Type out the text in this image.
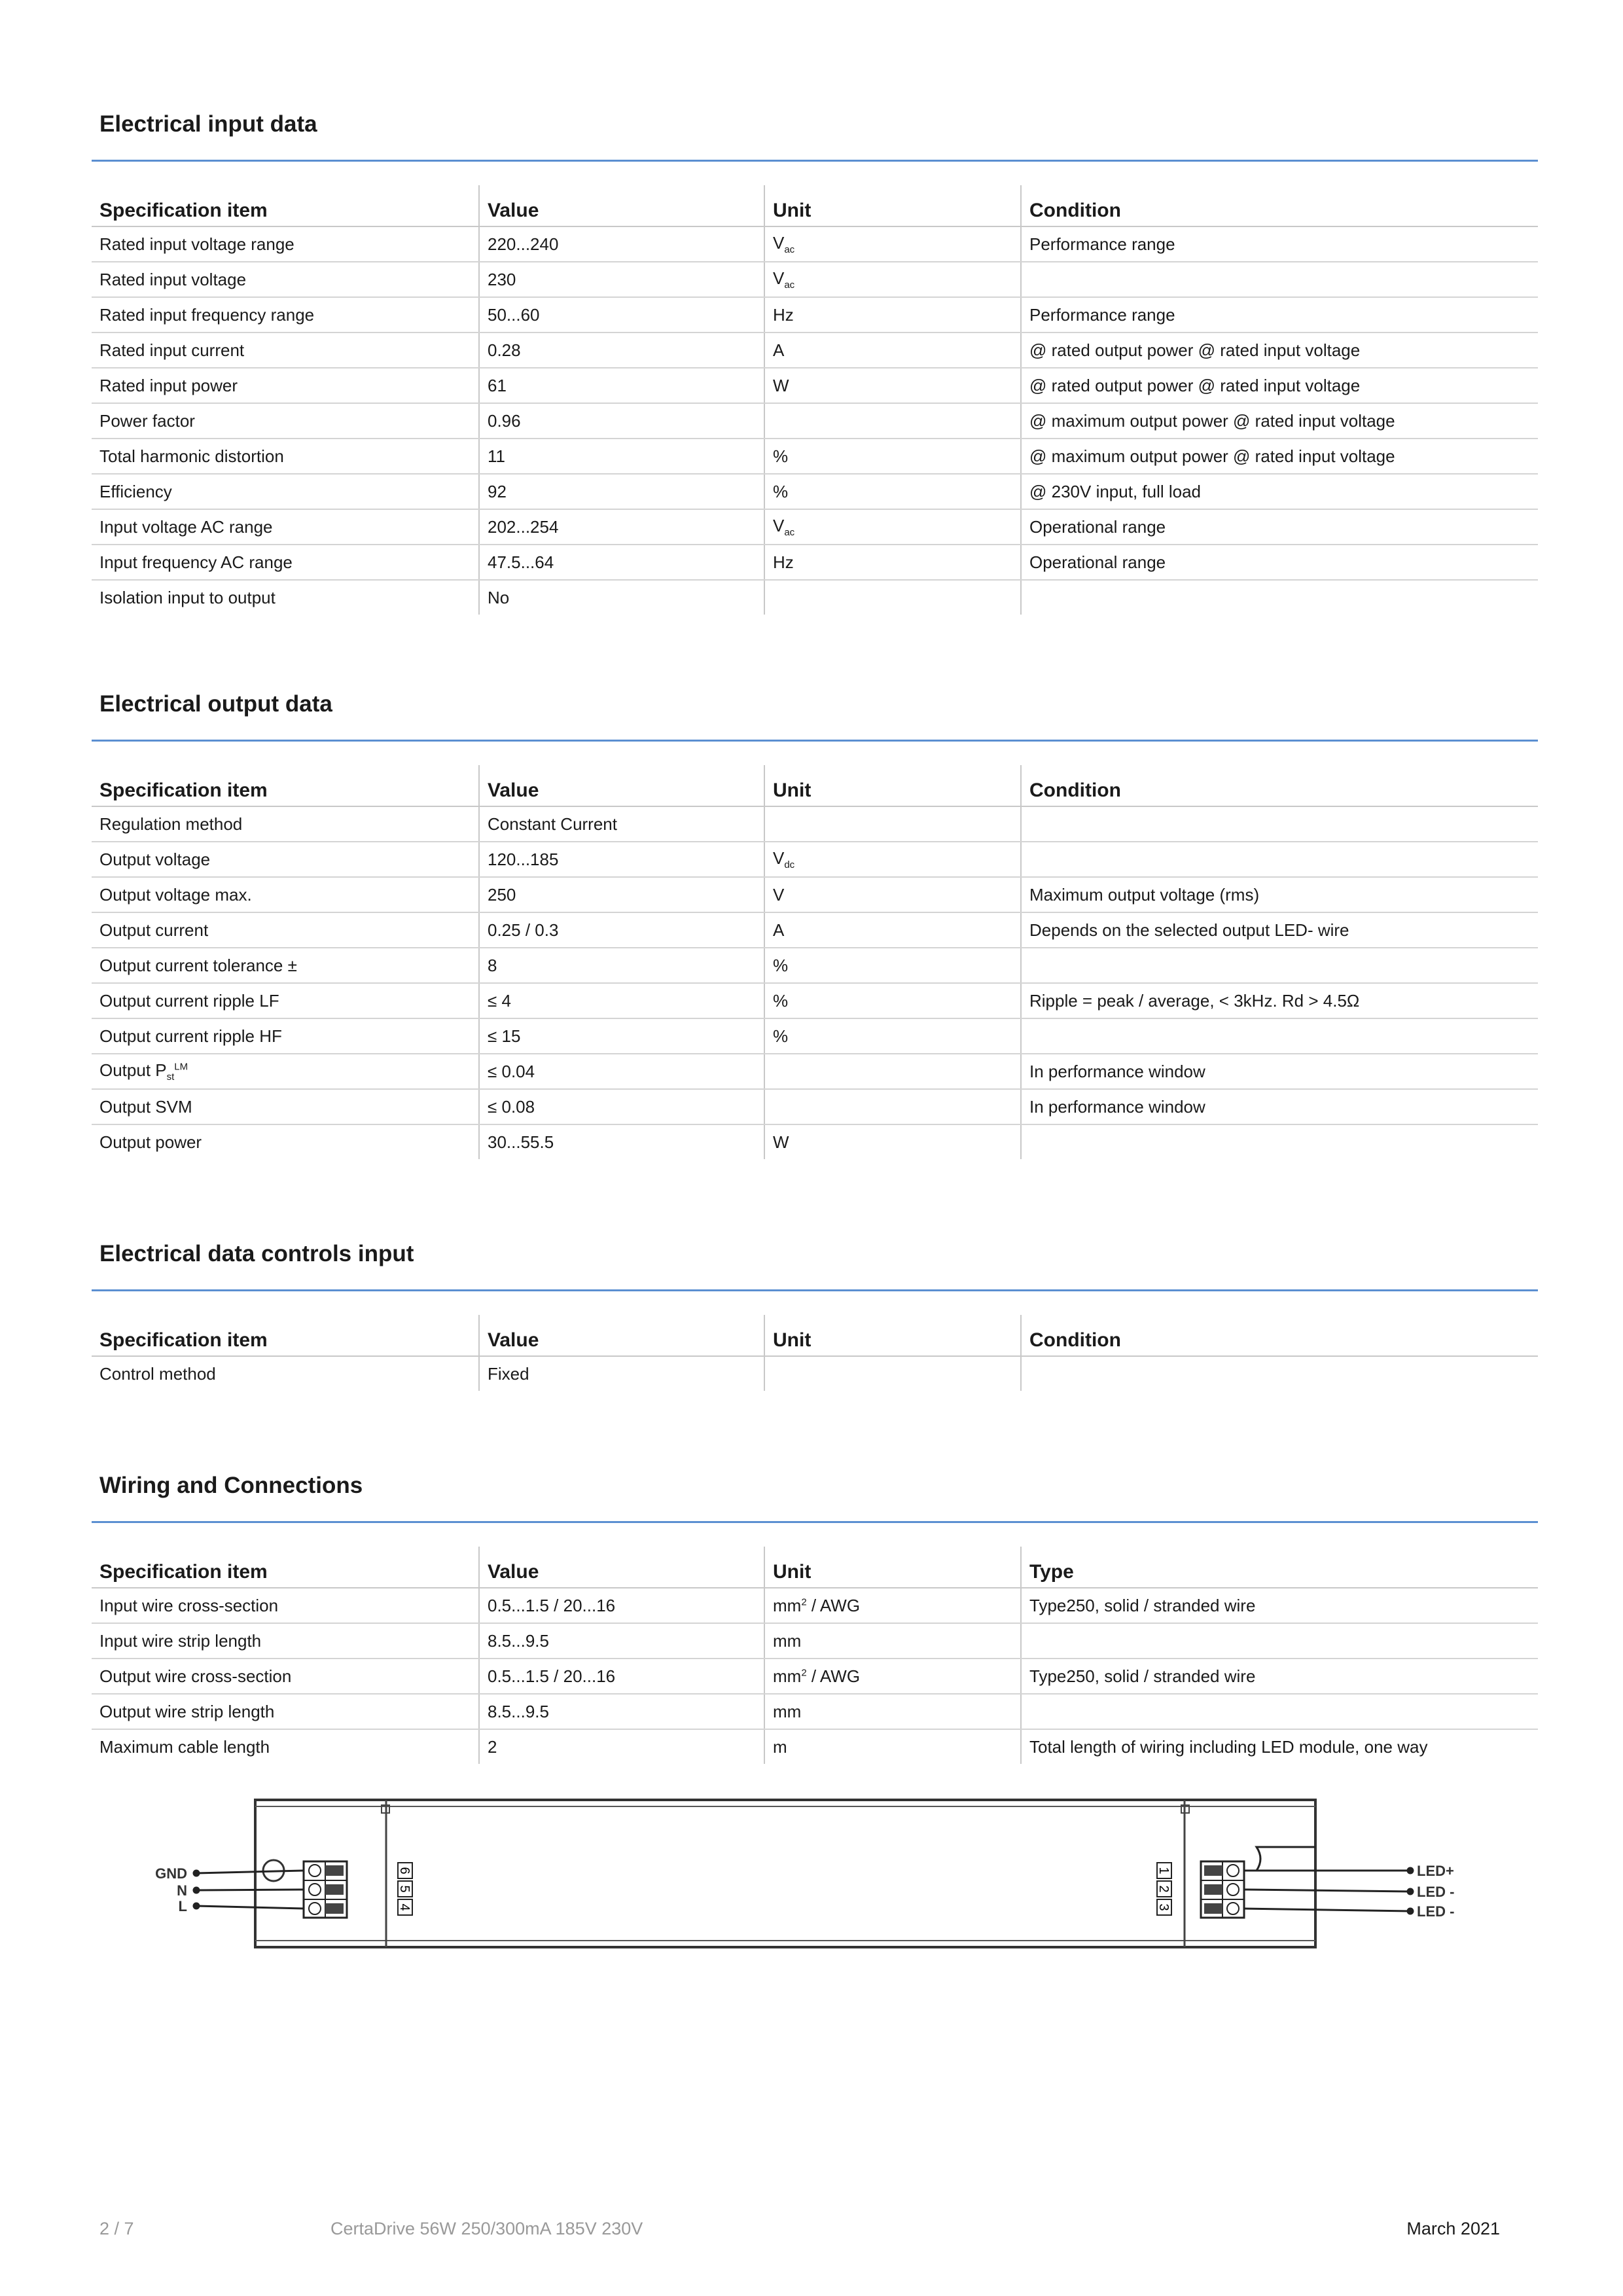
Electrical input data
Specification item	Value	Unit	Condition
Rated input voltage range	220...240	$V_{ac}$	Performance range
Rated input voltage	230	$V_{ac}$	
Rated input frequency range	50...60	Hz	Performance range
Rated input current	0.28	A	@ rated output power @ rated input voltage
Rated input power	61	W	@ rated output power @ rated input voltage
Power factor	0.96		@ maximum output power @ rated input voltage
Total harmonic distortion	11	%	@ maximum output power @ rated input voltage
Efficiency	92	%	@ 230V input, full load
Input voltage AC range	202...254	$V_{ac}$	Operational range
Input frequency AC range	47.5...64	Hz	Operational range
Isolation input to output	No		
Electrical output data
Specification item	Value	Unit	Condition
Regulation method	Constant Current		
Output voltage	120...185	$V_{dc}$	
Output voltage max.	250	V	Maximum output voltage (rms)
Output current	0.25 / 0.3	A	Depends on the selected output LED- wire
Output current tolerance ±	8	%	
Output current ripple LF	≤ 4	%	Ripple = peak / average, < 3kHz. Rd > 4.5Ω
Output current ripple HF	≤ 15	%	
Output $P_{st}^{LM}$	≤ 0.04		In performance window
Output SVM	≤ 0.08		In performance window
Output power	30...55.5	W	
Electrical data controls input
Specification item	Value	Unit	Condition
Control method	Fixed		
Wiring and Connections
Specification item	Value	Unit	Type
Input wire cross-section	0.5...1.5 / 20...16	$mm^2$ / AWG	Type250, solid / stranded wire
Input wire strip length	8.5...9.5	mm	
Output wire cross-section	0.5...1.5 / 20...16	$mm^2$ / AWG	Type250, solid / stranded wire
Output wire strip length	8.5...9.5	mm	
Maximum cable length	2	m	Total length of wiring including LED module, one way
6
5
4
GND
N
L
1
2
3
LED+
LED -
LED -
2 / 7	CertaDrive 56W 250/300mA 185V 230V	March 2021
